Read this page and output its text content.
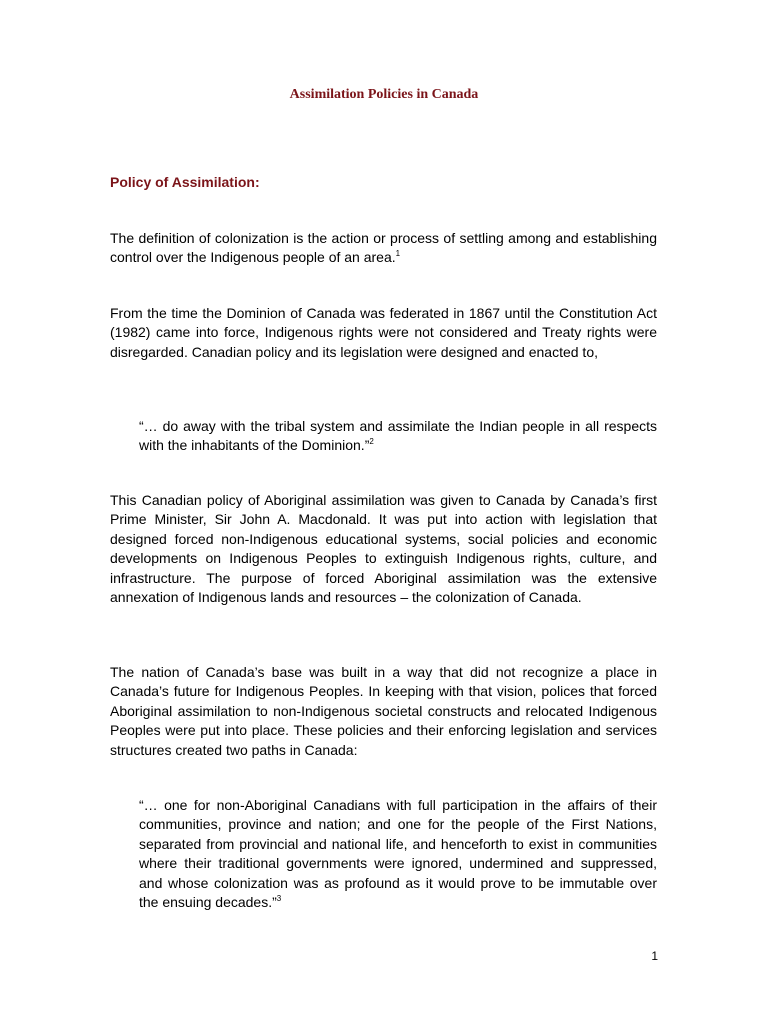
Assimilation Policies in Canada
Policy of Assimilation:

The definition of colonization is the action or process of settling among and establishing control over the Indigenous people of an area.$^1$

From the time the Dominion of Canada was federated in 1867 until the Constitution Act (1982) came into force, Indigenous rights were not considered and Treaty rights were disregarded. Canadian policy and its legislation were designed and enacted to,

“… do away with the tribal system and assimilate the Indian people in all respects with the inhabitants of the Dominion.”$^2$

This Canadian policy of Aboriginal assimilation was given to Canada by Canada’s first Prime Minister, Sir John A. Macdonald. It was put into action with legislation that designed forced non-Indigenous educational systems, social policies and economic developments on Indigenous Peoples to extinguish Indigenous rights, culture, and infrastructure. The purpose of forced Aboriginal assimilation was the extensive annexation of Indigenous lands and resources – the colonization of Canada.

The nation of Canada’s base was built in a way that did not recognize a place in Canada’s future for Indigenous Peoples. In keeping with that vision, polices that forced Aboriginal assimilation to non-Indigenous societal constructs and relocated Indigenous Peoples were put into place. These policies and their enforcing legislation and services structures created two paths in Canada:

“… one for non-Aboriginal Canadians with full participation in the affairs of their communities, province and nation; and one for the people of the First Nations, separated from provincial and national life, and henceforth to exist in communities where their traditional governments were ignored, undermined and suppressed, and whose colonization was as profound as it would prove to be immutable over the ensuing decades.”$^3$
1
